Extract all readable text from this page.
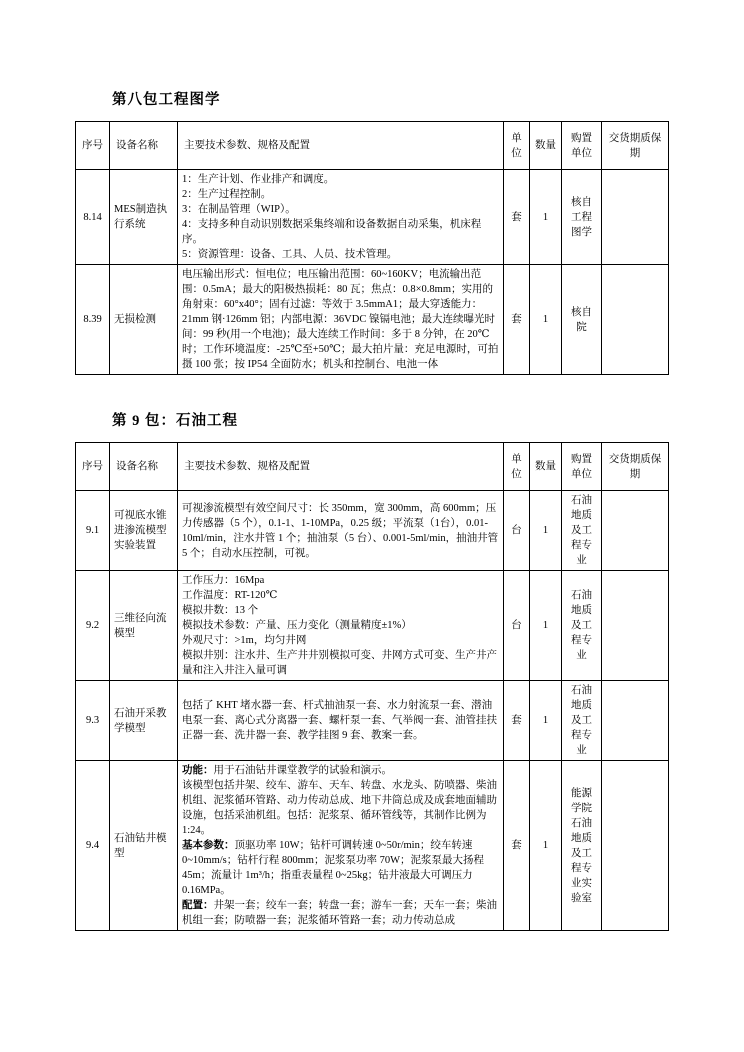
第八包工程图学
序号	设备名称	主要技术参数、规格及配置	单位	数量	购置单位	交货期质保期
8.14	MES制造执行系统	1：生产计划、作业排产和调度。

2：生产过程控制。

3：在制品管理（WIP）。

4：支持多种自动识别数据采集终端和设备数据自动采集，机床程序。

5：资源管理：设备、工具、人员、技术管理。	套	1	核自工程图学	
8.39	无损检测	电压输出形式：恒电位；电压输出范围：60~160KV；电流输出范围：0.5mA；最大的阳极热损耗：80 瓦；焦点：0.8×0.8mm；实用的角射束：60°x40°；固有过滤：等效于 3.5mmA1；最大穿透能力：21mm 钢·126mm 铝；内部电源：36VDC 镍镉电池；最大连续曝光时间：99 秒(用一个电池)；最大连续工作时间：多于 8 分钟，在 20℃时；工作环境温度：-25℃至+50℃；最大拍片量：充足电源时，可拍摄 100 张；按 IP54 全面防水；机头和控制台、电池一体	套	1	核自院	
第 9 包：石油工程
序号	设备名称	主要技术参数、规格及配置	单位	数量	购置单位	交货期质保期
9.1	可视底水锥进渗流模型实验装置	可视渗流模型有效空间尺寸：长 350mm，宽 300mm，高 600mm；压力传感器（5 个），0.1-1、1-10MPa，0.25 级；平流泵（1台），0.01-10ml/min，注水井管 1 个；抽油泵（5 台）、0.001-5ml/min，抽油井管 5 个；自动水压控制，可视。	台	1	石油地质及工程专业	
9.2	三维径向流模型	

工作压力：16Mpa

工作温度：RT-120℃

模拟井数：13 个

模拟技术参数：产量、压力变化（测量精度±1%）

外观尺寸：>1m，均匀井网

模拟井别：注水井、生产井井别模拟可变、井网方式可变、生产井产量和注入井注入量可调

	台	1	石油地质及工程专业	
9.3	石油开采教学模型	包括了 KHT 堵水器一套、杆式抽油泵一套、水力射流泵一套、潜油电泵一套、离心式分离器一套、螺杆泵一套、气举阀一套、油管挂扶正器一套、洗井器一套、教学挂图 9 套、教案一套。	套	1	石油地质及工程专业	
9.4	石油钻井模型	功能：用于石油钻井课堂教学的试验和演示。

该模型包括井架、绞车、游车、天车、转盘、水龙头、防喷器、柴油机组、泥浆循环管路、动力传动总成、地下井筒总成及成套地面辅助设施，包括采油机组。包括：泥浆泵、循环管线等，其制作比例为 1:24。

基本参数：顶驱功率 10W；钻杆可调转速 0~50r/min；绞车转速 0~10mm/s；钻杆行程 800mm；泥浆泵功率 70W；泥浆泵最大扬程 45m；流量计 1m³/h；指重表量程 0~25kg；钻井液最大可调压力 0.16MPa。

配置：井架一套；绞车一套；转盘一套；游车一套；天车一套；柴油机组一套；防喷器一套；泥浆循环管路一套；动力传动总成	套	1	能源学院石油地质及工程专业实验室	
